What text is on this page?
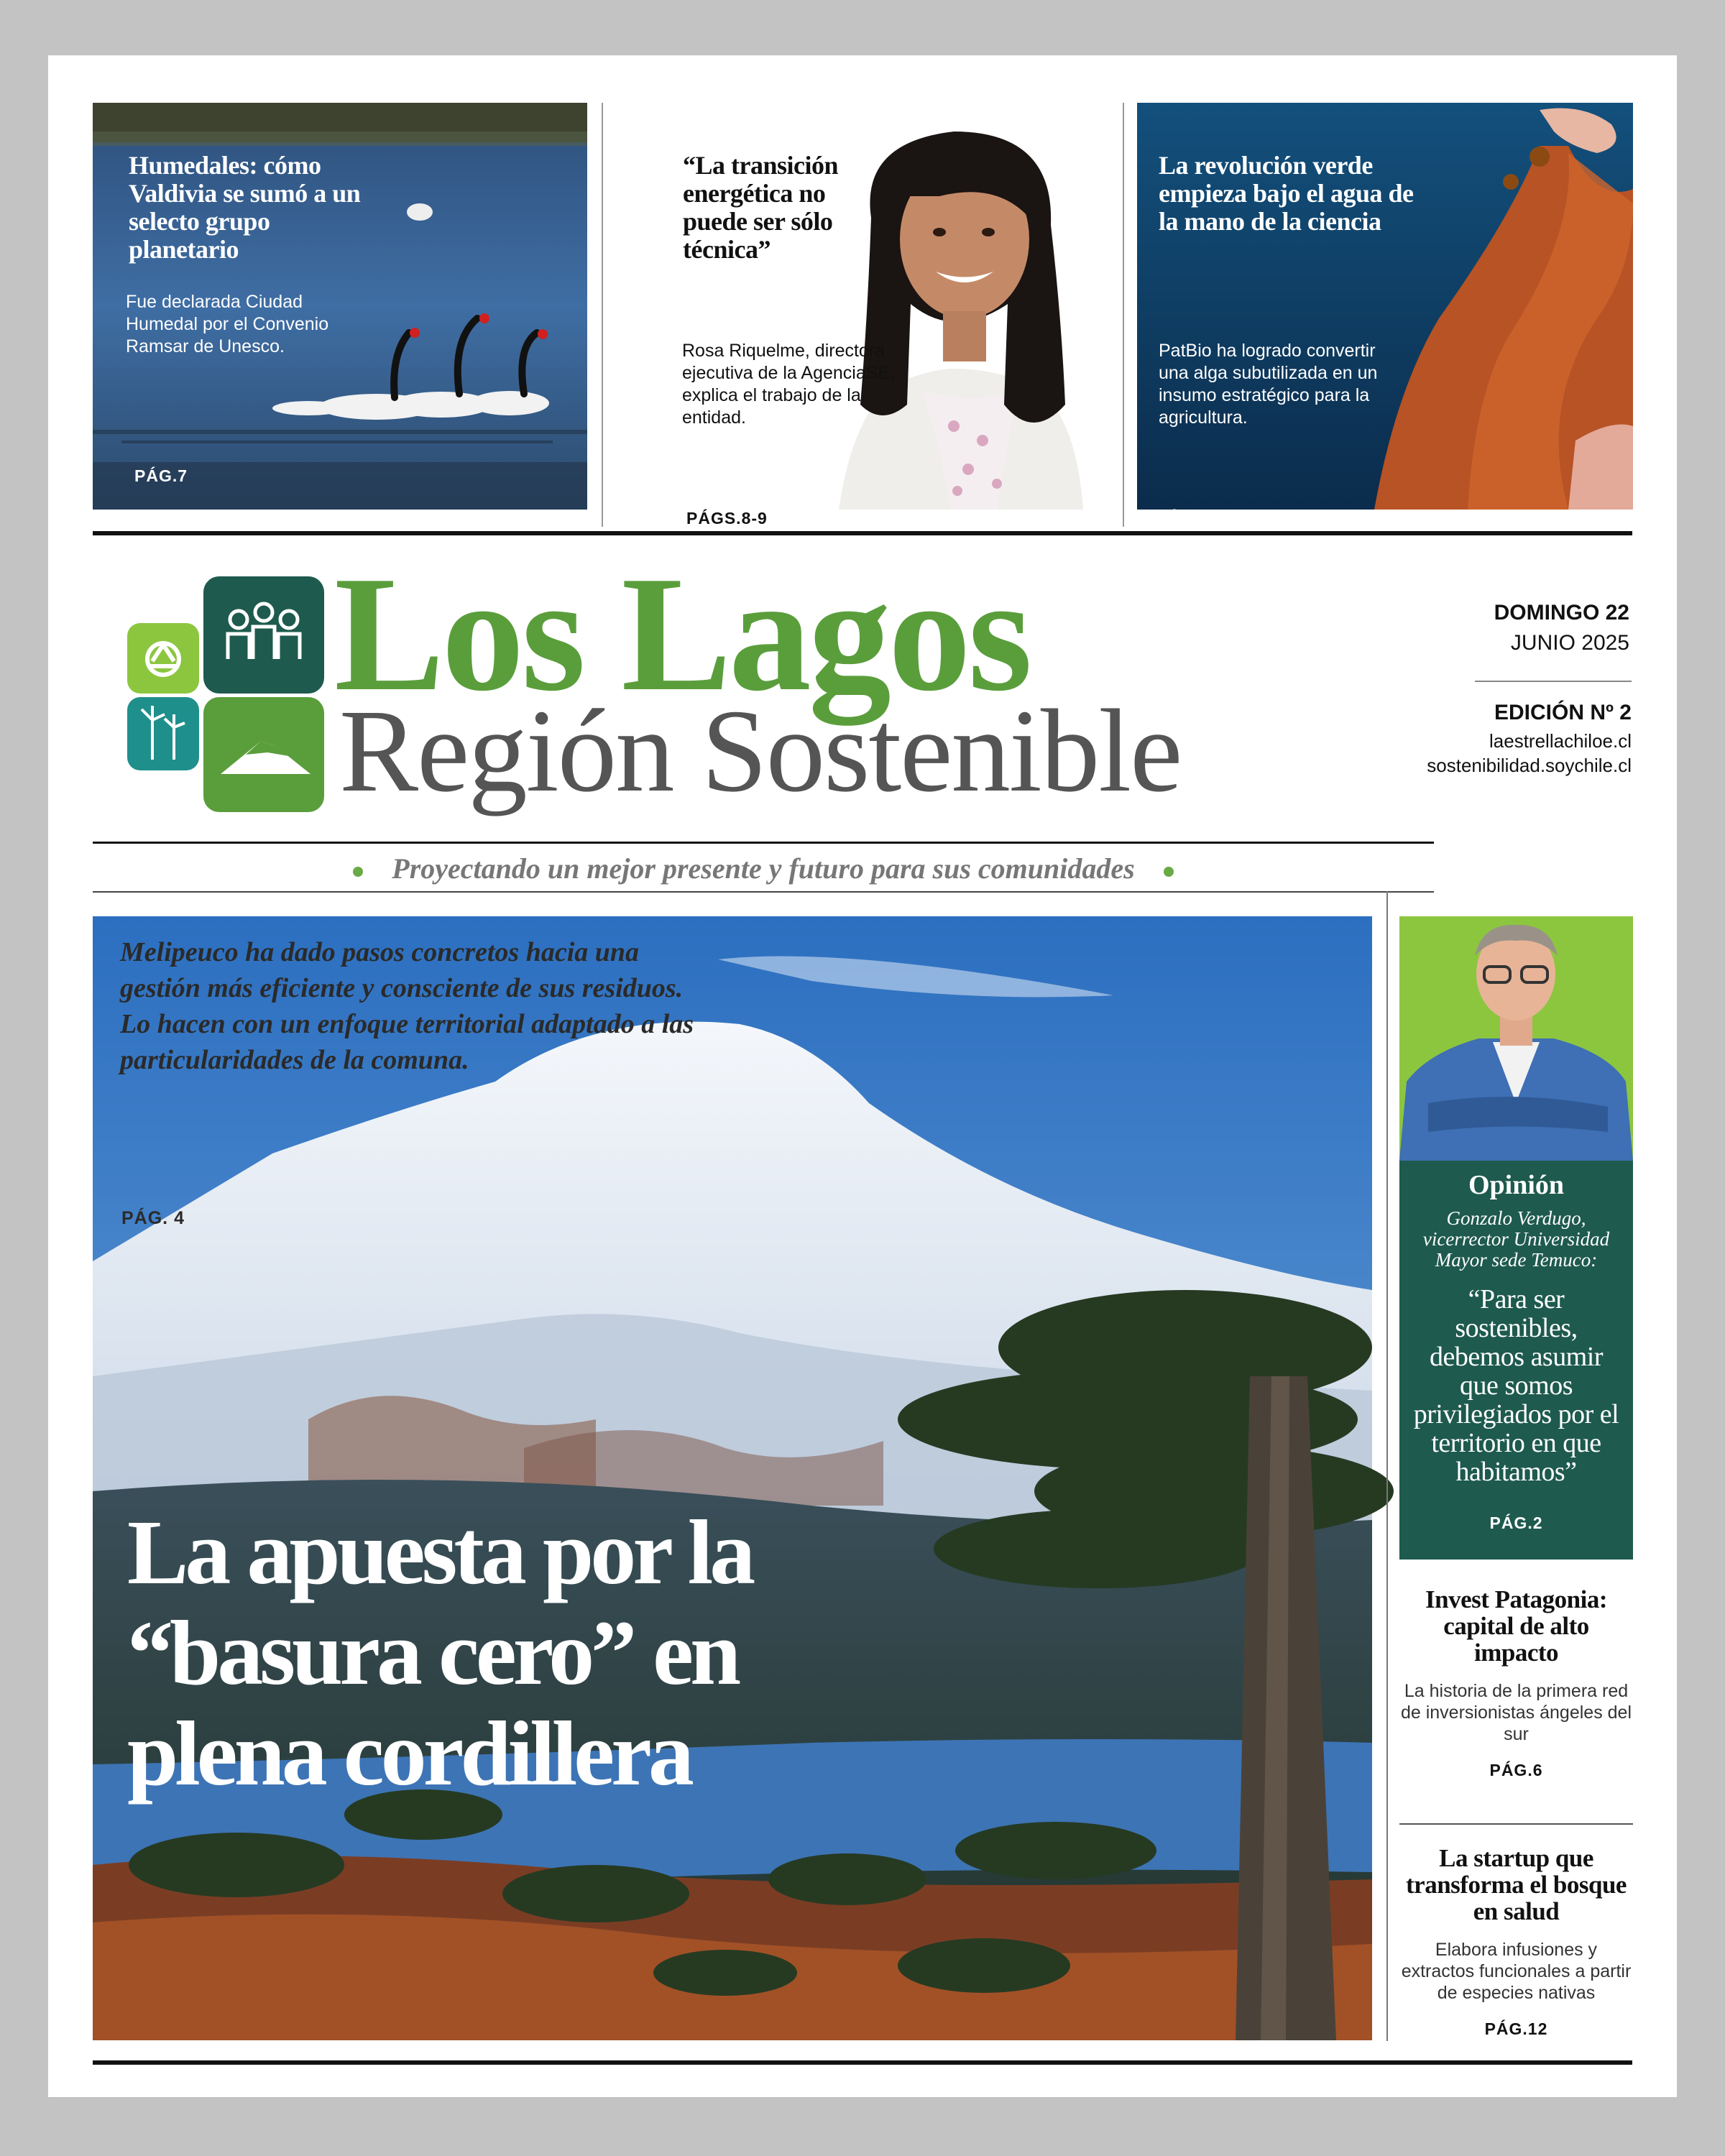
Humedales: cómo Valdivia se sumó a un selecto grupo planetario
Fue declarada Ciudad Humedal por el Convenio Ramsar de Unesco.
PÁG.7
“La transición energética no puede ser sólo técnica”
Rosa Riquelme, directora ejecutiva de la AgenciaSE, explica el trabajo de la entidad.
PÁGS.8-9
La revolución verde empieza bajo el agua de la mano de la ciencia
PatBio ha logrado convertir una alga subutilizada en un insumo estratégico para la agricultura.
PÁG.11
Los Lagos
Región Sostenible
DOMINGO 22
JUNIO 2025
EDICIÓN Nº 2
laestrellachiloe.cl
sostenibilidad.soychile.cl
Proyectando un mejor presente y futuro para sus comunidades
Melipeuco ha dado pasos concretos hacia una gestión más eficiente y consciente de sus residuos. Lo hacen con un enfoque territorial adaptado a las particularidades de la comuna.
PÁG. 4
La apuesta por la
“basura cero” en
plena cordillera
Opinión
Gonzalo Verdugo, vicerrector Universidad Mayor sede Temuco:
“Para ser sostenibles, debemos asumir que somos privilegiados por el territorio en que habitamos”
PÁG.2
Invest Patagonia: capital de alto impacto
La historia de la primera red de inversionistas ángeles del sur
PÁG.6
La startup que transforma el bosque en salud
Elabora infusiones y extractos funcionales a partir de especies nativas
PÁG.12
